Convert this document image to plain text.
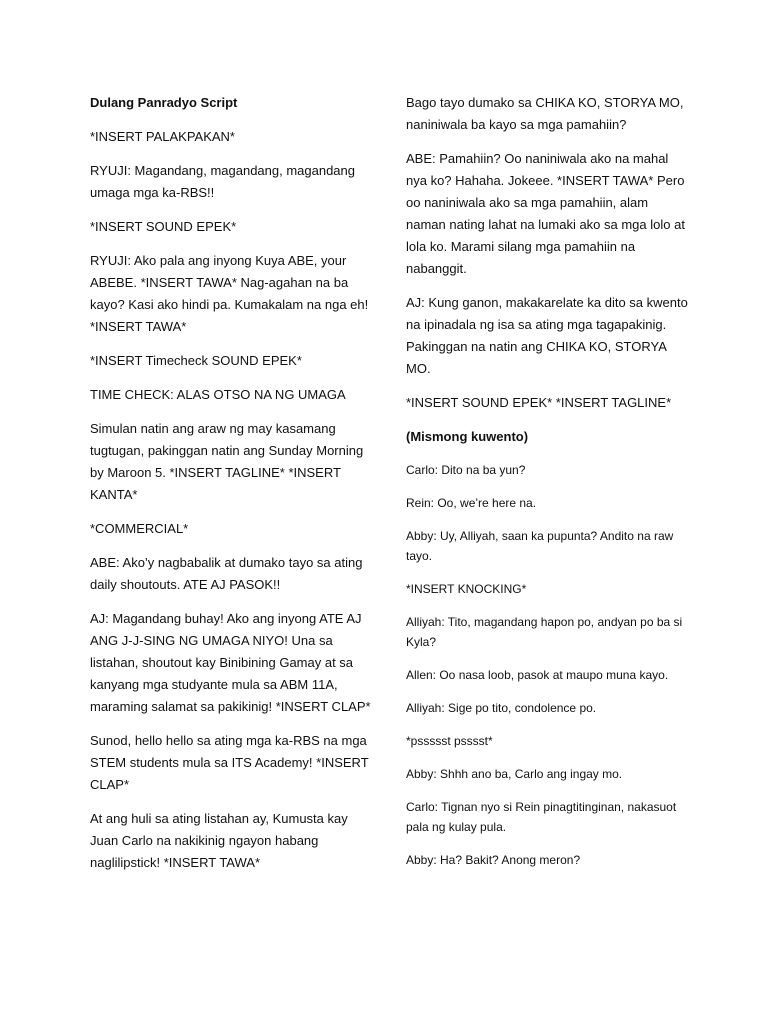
Dulang Panradyo Script

*INSERT PALAKPAKAN*

RYUJI: Magandang, magandang, magandang umaga mga ka-RBS!!

*INSERT SOUND EPEK*

RYUJI: Ako pala ang inyong Kuya ABE, your ABEBE. *INSERT TAWA* Nag-agahan na ba kayo? Kasi ako hindi pa. Kumakalam na nga eh! *INSERT TAWA*

*INSERT Timecheck SOUND EPEK*

TIME CHECK: ALAS OTSO NA NG UMAGA

Simulan natin ang araw ng may kasamang tugtugan, pakinggan natin ang Sunday Morning by Maroon 5. *INSERT TAGLINE* *INSERT KANTA*

*COMMERCIAL*

ABE: Ako’y nagbabalik at dumako tayo sa ating daily shoutouts. ATE AJ PASOK!!

AJ: Magandang buhay! Ako ang inyong ATE AJ ANG J-J-SING NG UMAGA NIYO! Una sa listahan, shoutout kay Binibining Gamay at sa kanyang mga studyante mula sa ABM 11A, maraming salamat sa pakikinig! *INSERT CLAP*

Sunod, hello hello sa ating mga ka-RBS na mga STEM students mula sa ITS Academy! *INSERT CLAP*

At ang huli sa ating listahan ay, Kumusta kay Juan Carlo na nakikinig ngayon habang naglilipstick! *INSERT TAWA*

Bago tayo dumako sa CHIKA KO, STORYA MO, naniniwala ba kayo sa mga pamahiin?

ABE: Pamahiin? Oo naniniwala ako na mahal nya ko? Hahaha. Jokeee. *INSERT TAWA* Pero oo naniniwala ako sa mga pamahiin, alam naman nating lahat na lumaki ako sa mga lolo at lola ko. Marami silang mga pamahiin na nabanggit.

AJ: Kung ganon, makakarelate ka dito sa kwento na ipinadala ng isa sa ating mga tagapakinig. Pakinggan na natin ang CHIKA KO, STORYA MO.

*INSERT SOUND EPEK* *INSERT TAGLINE*

(Mismong kuwento)

Carlo: Dito na ba yun?

Rein: Oo, we’re here na.

Abby: Uy, Alliyah, saan ka pupunta? Andito na raw tayo.

*INSERT KNOCKING*

Alliyah: Tito, magandang hapon po, andyan po ba si Kyla?

Allen: Oo nasa loob, pasok at maupo muna kayo.

Alliyah: Sige po tito, condolence po.

*pssssst psssst*

Abby: Shhh ano ba, Carlo ang ingay mo.

Carlo: Tignan nyo si Rein pinagtitinginan, nakasuot pala ng kulay pula.

Abby: Ha? Bakit? Anong meron?
